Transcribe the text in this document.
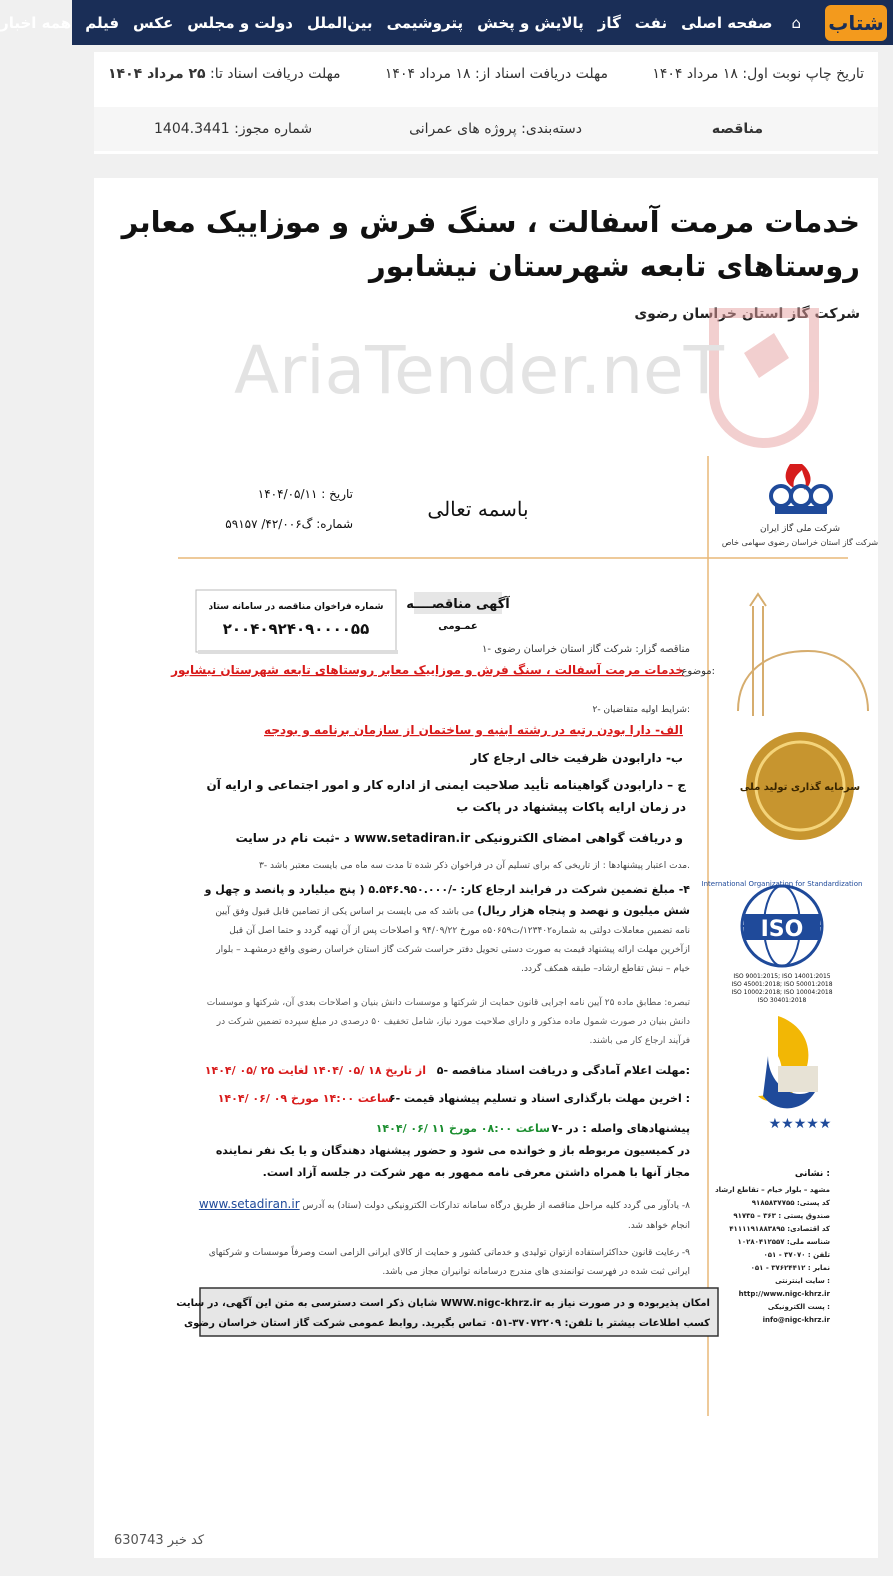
شتاب
⌂
صفحه اصلی
نفت
گاز
پالایش و پخش
پتروشیمی
بین‌الملل
دولت و مجلس
عکس
فیلم
همه اخبار
تاریخ چاپ نوبت اول: ۱۸ مرداد ۱۴۰۴
مهلت دریافت اسناد از: ۱۸ مرداد ۱۴۰۴
مهلت دریافت اسناد تا: ۲۵ مرداد ۱۴۰۴
مناقصه
دسته‌بندی: پروژه های عمرانی
شماره مجوز: 1404.3441
خدمات مرمت آسفالت ، سنگ فرش و موزاییک معابر روستاهای تابعه شهرستان نیشابور
شرکت گاز استان خراسان رضوی
AriaTender.neT
شرکت ملی گاز ایران
شرکت گاز استان خراسان رضوی سهامی خاص
باسمه تعالی
تاریخ : ۱۴۰۴/۰۵/۱۱
شماره: گ۴۲/۰۰۶/ ۵۹۱۵۷
شماره فراخوان مناقصه در سامانه ستاد
۲۰۰۴۰۹۲۴۰۹۰۰۰۰۵۵
آگهی مناقصــــه
عمـومی
۱- مناقصه گزار: شرکت گاز استان خراسان رضوی
موضوع:
خدمات مرمت آسفالت ، سنگ فرش و موزاییک معابر روستاهای تابعه شهرستان نیشابور
۲- شرایط اولیه متقاضیان:
الف- دارا بودن رتبه در رشته ابنیه و ساختمان از سازمان برنامه و بودجه
ب- دارابودن ظرفیت خالی ارجاع کار
ج – دارابودن گواهینامه تأیید صلاحیت ایمنی از اداره کار و امور اجتماعی و ارایه آن در زمان ارایه پاکات پیشنهاد در پاکت ب
د -ثبت نام در سایت www.setadiran.ir و دریافت گواهی امضای الکترونیکی
۳- مدت اعتبار پیشنهادها : از تاریخی که برای تسلیم آن در فراخوان ذکر شده تا مدت سه ماه می بایست معتبر باشد.
۴- مبلغ تضمین شرکت در فرایند ارجاع کار: -/۵.۵۴۶.۹۵۰.۰۰۰ ( پنج میلیارد و پانصد و چهل و شش میلیون و نهصد و پنجاه هزار ریال) می باشد که می بایست بر اساس یکی از تضامین قابل قبول وفق آیین نامه تضمین معاملات دولتی به شماره۱۲۳۴۰۲/ت۵۰۶۵۹ه مورخ ۹۴/۰۹/۲۲ و اصلاحات پس از آن تهیه گردد و حتما اصل آن قبل ازآخرین مهلت ارائه پیشنهاد قیمت به صورت دستی تحویل دفتر حراست شرکت گاز استان خراسان رضوی واقع درمشهـد – بلوار خیام – نبش تقاطع ارشاد– طبقه همکف گردد.
تبصره: مطابق ماده ۲۵ آیین نامه اجرایی قانون حمایت از شرکتها و موسسات دانش بنیان و اصلاحات بعدی آن، شرکتها و موسسات دانش بنیان در صورت شمول ماده مذکور و دارای صلاحیت مورد نیاز، شامل تخفیف ۵۰ درصدی در مبلغ سپرده تضمین شرکت در فرآیند ارجاع کار می باشند.
۵- مهلت اعلام آمادگی و دریافت اسناد مناقصه:
از تاریخ ۱۸ /۰۵ /۱۴۰۴ لغایت ۲۵ /۰۵ /۱۴۰۴
۶- اخرین مهلت بارگذاری اسناد و تسلیم پیشنهاد قیمت :
ساعت ۱۴:۰۰ مورخ ۰۹ /۰۶ /۱۴۰۴
۷- پیشنهادهای واصله : در
ساعت ۰۸:۰۰ مورخ ۱۱ /۰۶ /۱۴۰۴
در کمیسیون مربوطه باز و خوانده می شود و حضور پیشنهاد دهندگان و یا یک نفر نماینده مجاز آنها با همراه داشتن معرفی نامه ممهور به مهر شرکت در جلسه آزاد است.
۸- یادآور می گردد کلیه مراحل مناقصه از طریق درگاه سامانه تدارکات الکترونیکی دولت (ستاد) به آدرس www.setadiran.ir انجام خواهد شد.
۹- رعایت قانون حداکثراستفاده ازتوان تولیدی و خدماتی کشور و حمایت از کالای ایرانی الزامی است وصرفاً موسسات و شرکتهای ایرانی ثبت شده در فهرست توانمندی های مندرج درسامانه توانیران مجاز می باشد.
شایان ذکر است دسترسی به متن این آگهی، در سایت WWW.nigc-khrz.ir امکان پذیربوده و در صورت نیاز به
کسب اطلاعات بیشتر با تلفن: ۳۷۰۷۲۲۰۹-۰۵۱ تماس بگیرید. روابط عمومی شرکت گاز استان خراسان رضوی
سرمایه گذاری تولید ملی
International Organization for Standardization
ISO
ISO 9001:2015; ISO 14001:2015
ISO 45001:2018; ISO 50001:2018
ISO 10002:2018; ISO 10004:2018
ISO 30401:2018
★★★★★
نشانی :
مشهد – بلوار خیام – تقاطع ارشاد
کد پستی: ۹۱۸۵۸۳۷۷۵۵
صندوق پستی : ۳۶۳ – ۹۱۷۳۵
کد اقتصادی: ۴۱۱۱۱۹۱۸۸۳۸۹۵
شناسه ملی: ۱۰۲۸۰۴۱۲۵۵۷
تلفن : ۳۷۰۷۰ - ۰۵۱
نمابر : ۳۷۶۲۴۴۱۲ - ۰۵۱
سایت اینترنتی :
http://www.nigc-khrz.ir
پست الکترونیکی :
info@nigc-khrz.ir
کد خبر 630743
